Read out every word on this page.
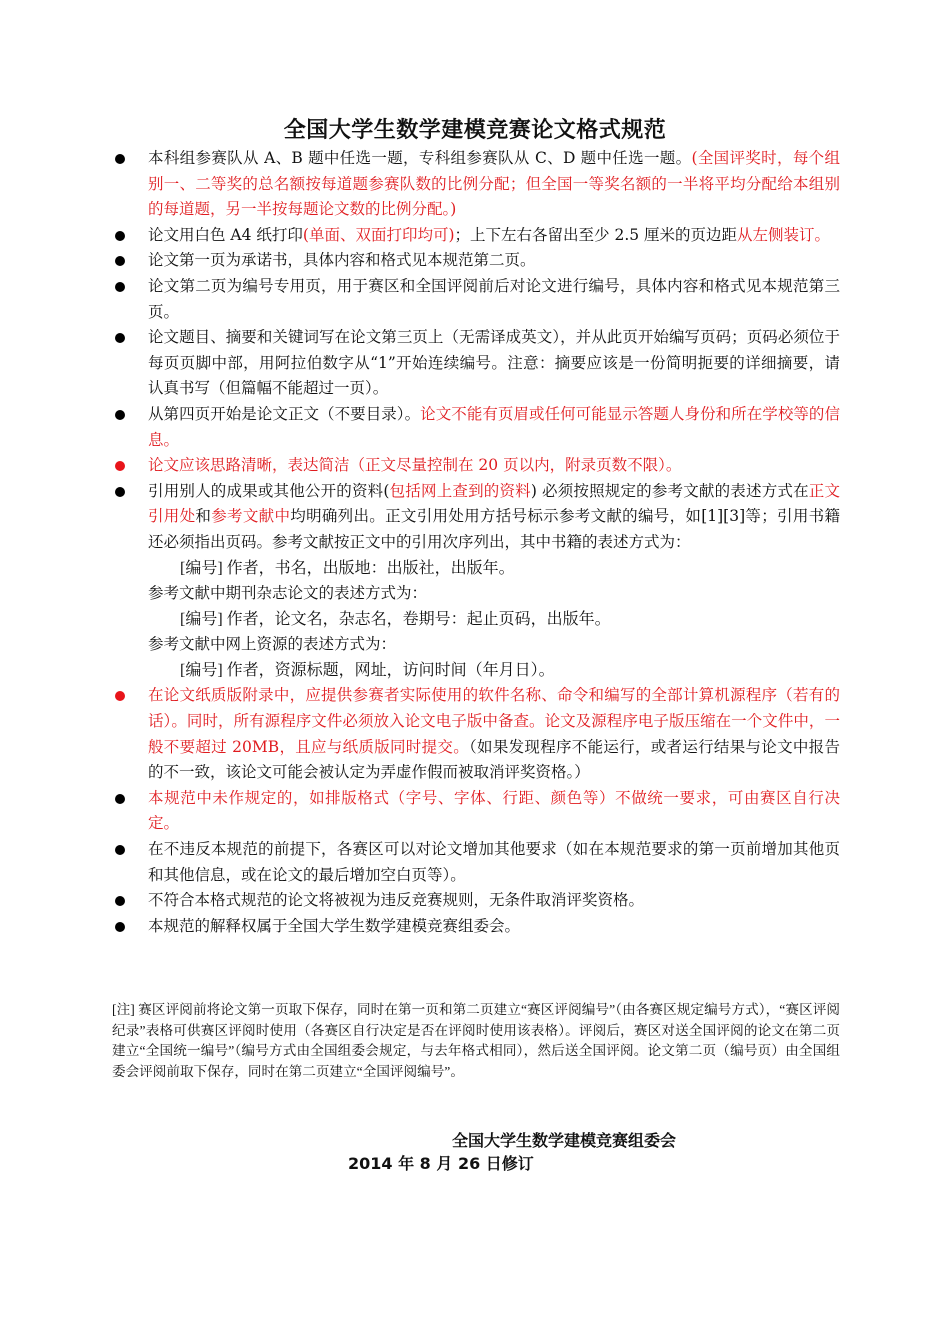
全国大学生数学建模竞赛论文格式规范
本科组参赛队从 A、B 题中任选一题，专科组参赛队从 C、D 题中任选一题。(全国评奖时，每个组别一、二等奖的总名额按每道题参赛队数的比例分配；但全国一等奖名额的一半将平均分配给本组别的每道题，另一半按每题论文数的比例分配。)
论文用白色 A4 纸打印(单面、双面打印均可)；上下左右各留出至少 2.5 厘米的页边距从左侧装订。
论文第一页为承诺书，具体内容和格式见本规范第二页。
论文第二页为编号专用页，用于赛区和全国评阅前后对论文进行编号，具体内容和格式见本规范第三页。
论文题目、摘要和关键词写在论文第三页上（无需译成英文），并从此页开始编写页码；页码必须位于每页页脚中部，用阿拉伯数字从“1”开始连续编号。注意：摘要应该是一份简明扼要的详细摘要，请认真书写（但篇幅不能超过一页）。
从第四页开始是论文正文（不要目录）。论文不能有页眉或任何可能显示答题人身份和所在学校等的信息。
论文应该思路清晰，表达简洁（正文尽量控制在 20 页以内，附录页数不限）。
引用别人的成果或其他公开的资料(包括网上查到的资料) 必须按照规定的参考文献的表述方式在正文引用处和参考文献中均明确列出。正文引用处用方括号标示参考文献的编号，如[1][3]等；引用书籍还必须指出页码。参考文献按正文中的引用次序列出，其中书籍的表述方式为：
[编号] 作者，书名，出版地：出版社，出版年。
参考文献中期刊杂志论文的表述方式为：
[编号] 作者，论文名，杂志名，卷期号：起止页码，出版年。
参考文献中网上资源的表述方式为：
[编号] 作者，资源标题，网址，访问时间（年月日）。
在论文纸质版附录中，应提供参赛者实际使用的软件名称、命令和编写的全部计算机源程序（若有的话）。同时，所有源程序文件必须放入论文电子版中备查。论文及源程序电子版压缩在一个文件中，一般不要超过 20MB，且应与纸质版同时提交。（如果发现程序不能运行，或者运行结果与论文中报告的不一致，该论文可能会被认定为弄虚作假而被取消评奖资格。）
本规范中未作规定的，如排版格式（字号、字体、行距、颜色等）不做统一要求，可由赛区自行决定。
在不违反本规范的前提下，各赛区可以对论文增加其他要求（如在本规范要求的第一页前增加其他页和其他信息，或在论文的最后增加空白页等）。
不符合本格式规范的论文将被视为违反竞赛规则，无条件取消评奖资格。
本规范的解释权属于全国大学生数学建模竞赛组委会。
[注] 赛区评阅前将论文第一页取下保存，同时在第一页和第二页建立“赛区评阅编号”（由各赛区规定编号方式），“赛区评阅纪录”表格可供赛区评阅时使用（各赛区自行决定是否在评阅时使用该表格）。评阅后，赛区对送全国评阅的论文在第二页建立“全国统一编号”（编号方式由全国组委会规定，与去年格式相同），然后送全国评阅。论文第二页（编号页）由全国组委会评阅前取下保存，同时在第二页建立“全国评阅编号”。
全国大学生数学建模竞赛组委会
2014 年 8 月 26 日修订
